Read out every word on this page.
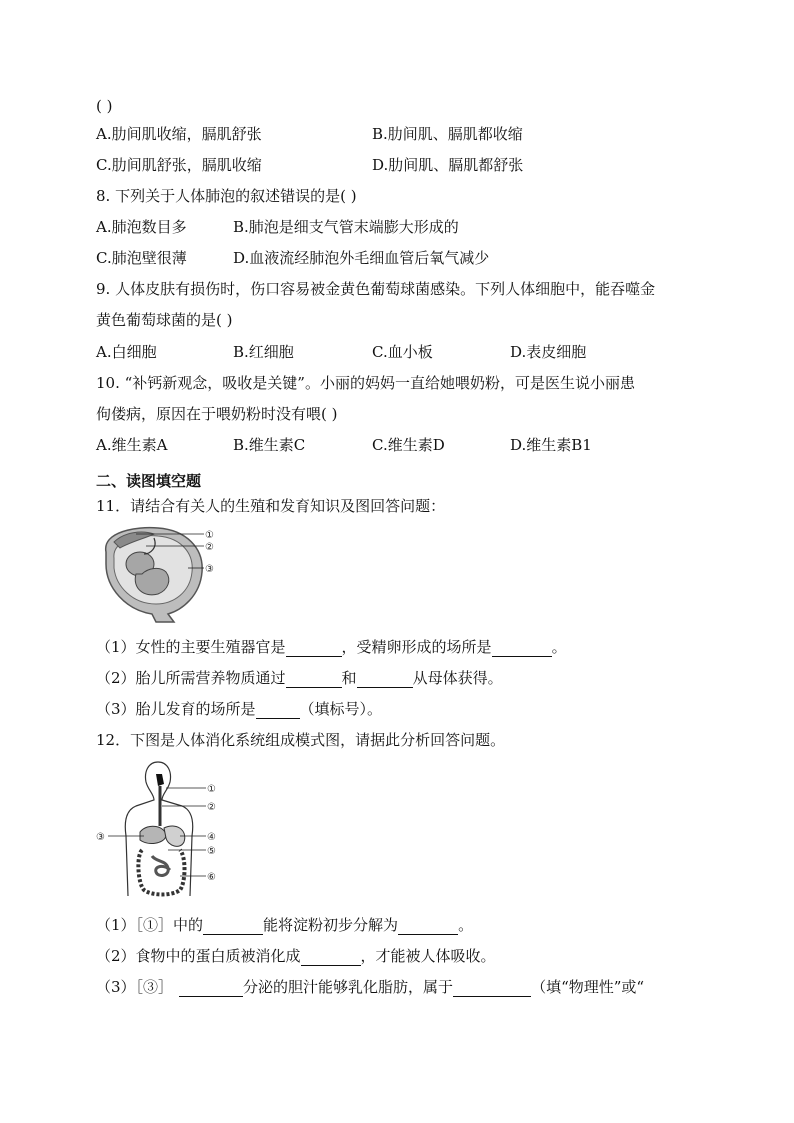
( )
A.肋间肌收缩，膈肌舒张	B.肋间肌、膈肌都收缩
C.肋间肌舒张，膈肌收缩	D.肋间肌、膈肌都舒张
8. 下列关于人体肺泡的叙述错误的是( )
A.肺泡数目多	B.肺泡是细支气管末端膨大形成的
C.肺泡壁很薄	D.血液流经肺泡外毛细血管后氧气减少
9. 人体皮肤有损伤时，伤口容易被金黄色葡萄球菌感染。下列人体细胞中，能吞噬金
黄色葡萄球菌的是( )
A.白细胞	B.红细胞	C.血小板	D.表皮细胞
10. “补钙新观念，吸收是关键”。小丽的妈妈一直给她喂奶粉，可是医生说小丽患
佝偻病，原因在于喂奶粉时没有喂( )
A.维生素A	B.维生素C	C.维生素D	D.维生素B1
二、读图填空题
11．请结合有关人的生殖和发育知识及图回答问题：
①
②
③
（1）女性的主要生殖器官是	，受精卵形成的场所是	。
（2）胎儿所需营养物质通过	和	从母体获得。
（3）胎儿发育的场所是	（填标号）。
12．下图是人体消化系统组成模式图，请据此分析回答问题。
①
②
③	④
⑤
⑥
（1）［①］中的	能将淀粉初步分解为	。
（2）食物中的蛋白质被消化成	，才能被人体吸收。
（3）［③］	分泌的胆汁能够乳化脂肪，属于	（填“物理性”或“
